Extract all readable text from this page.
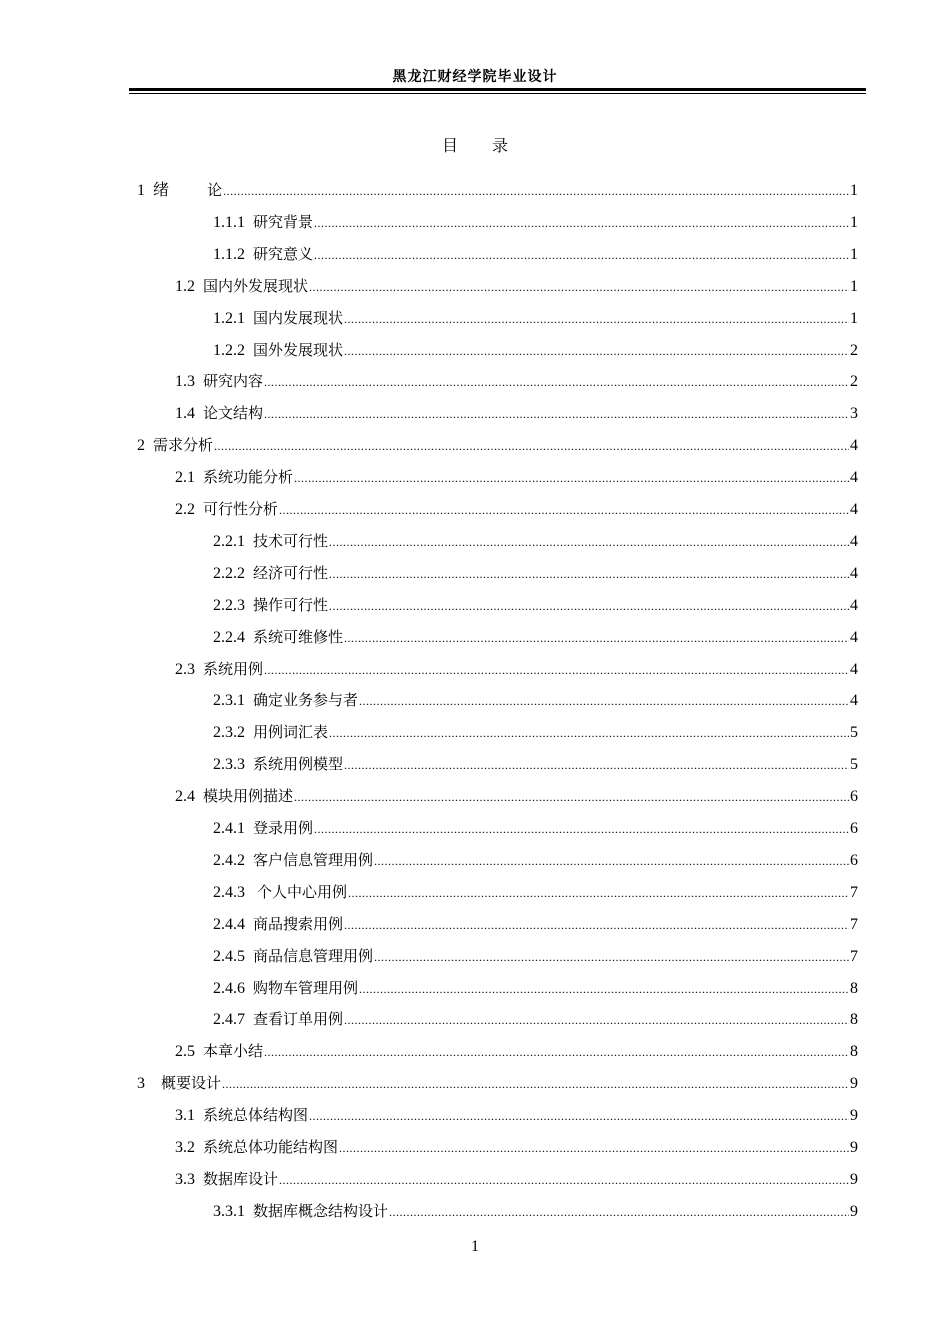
黑龙江财经学院毕业设计
目 录
1  绪 论 .....	1
1.1.1 研究背景 .....	1
1.1.2 研究意义 .....	1
1.2 国内外发展现状 .....	1
1.2.1 国内发展现状 .....	1
1.2.2 国外发展现状 .....	2
1.3 研究内容 .....	2
1.4 论文结构 .....	3
2 需求分析 .....	4
2.1 系统功能分析 .....	4
2.2 可行性分析 .....	4
2.2.1 技术可行性 .....	4
2.2.2 经济可行性 .....	4
2.2.3 操作可行性 .....	4
2.2.4 系统可维修性 .....	4
2.3 系统用例 .....	4
2.3.1 确定业务参与者 .....	4
2.3.2 用例词汇表 .....	5
2.3.3 系统用例模型 .....	5
2.4 模块用例描述 .....	6
2.4.1 登录用例 .....	6
2.4.2 客户信息管理用例 .....	6
2.4.3 个人中心用例 .....	7
2.4.4 商品搜索用例 .....	7
2.4.5 商品信息管理用例 .....	7
2.4.6 购物车管理用例 .....	8
2.4.7 查看订单用例 .....	8
2.5 本章小结 .....	8
3 概要设计 .....	9
3.1 系统总体结构图 .....	9
3.2 系统总体功能结构图 .....	9
3.3 数据库设计 .....	9
3.3.1 数据库概念结构设计 .....	9
1
